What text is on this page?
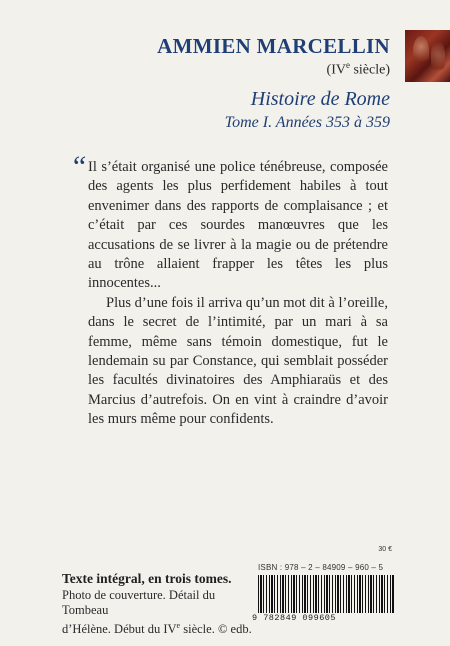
AMMIEN MARCELLIN
(IVe siècle)
Histoire de Rome
Tome I. Années 353 à 359
“ Il s’était organisé une police ténébreuse, composée des agents les plus perfidement habiles à tout envenimer dans des rapports de complaisance ; et c’était par ces sourdes manœuvres que les accusations de se livrer à la magie ou de prétendre au trône allaient frapper les têtes les plus innocentes...

Plus d’une fois il arriva qu’un mot dit à l’oreille, dans le secret de l’intimité, par un mari à sa femme, même sans témoin domestique, fut le lendemain su par Constance, qui semblait posséder les facultés divinatoires des Amphiaraüs et des Marcius d’autrefois. On en vint à craindre d’avoir les murs même pour confidents.

30 €
ISBN : 978 – 2 – 84909 – 960 – 5
9 782849 099605
Texte intégral, en trois tomes.
Photo de couverture. Détail du Tombeau
d’Hélène. Début du IVe siècle. © edb.
